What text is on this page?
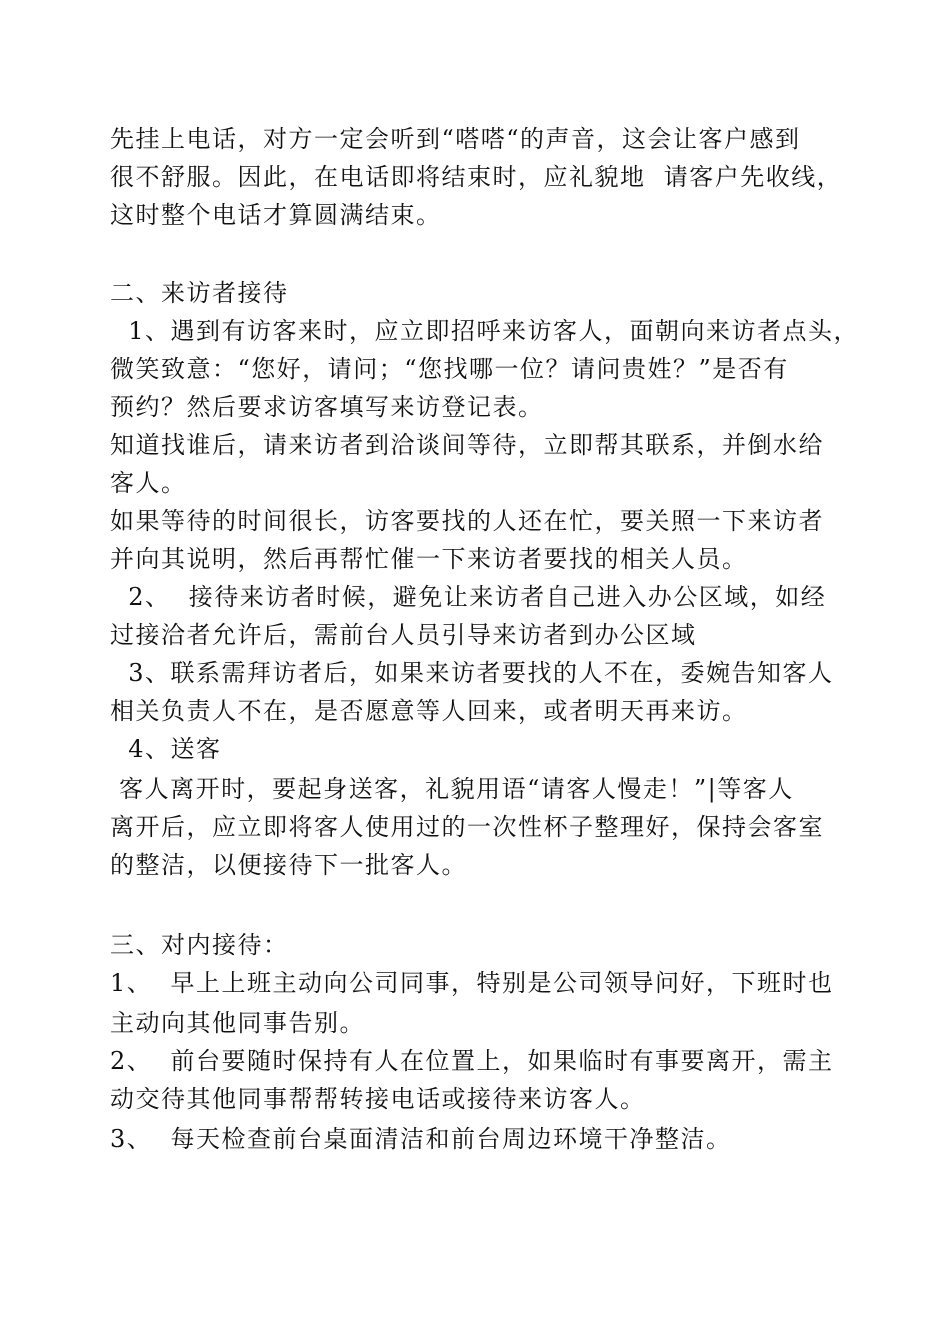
先挂上电话，对方一定会听到“嗒嗒“的声音，这会让客户感到
很不舒服。因此，在电话即将结束时，应礼貌地  请客户先收线，
这时整个电话才算圆满结束。
二、来访者接待
1、遇到有访客来时，应立即招呼来访客人，面朝向来访者点头，
微笑致意：“您好，请问；“您找哪一位？请问贵姓？”是否有
预约？然后要求访客填写来访登记表。
知道找谁后，请来访者到洽谈间等待，立即帮其联系，并倒水给
客人。
如果等待的时间很长，访客要找的人还在忙，要关照一下来访者
并向其说明，然后再帮忙催一下来访者要找的相关人员。
2、  接待来访者时候，避免让来访者自己进入办公区域，如经
过接洽者允许后，需前台人员引导来访者到办公区域
3、联系需拜访者后，如果来访者要找的人不在，委婉告知客人
相关负责人不在，是否愿意等人回来，或者明天再来访。
4、送客
客人离开时，要起身送客，礼貌用语“请客人慢走！”|等客人
离开后，应立即将客人使用过的一次性杯子整理好，保持会客室
的整洁，以便接待下一批客人。
三、对内接待：
1、  早上上班主动向公司同事，特别是公司领导问好，下班时也
主动向其他同事告别。
2、  前台要随时保持有人在位置上，如果临时有事要离开，需主
动交待其他同事帮帮转接电话或接待来访客人。
3、  每天检查前台桌面清洁和前台周边环境干净整洁。
